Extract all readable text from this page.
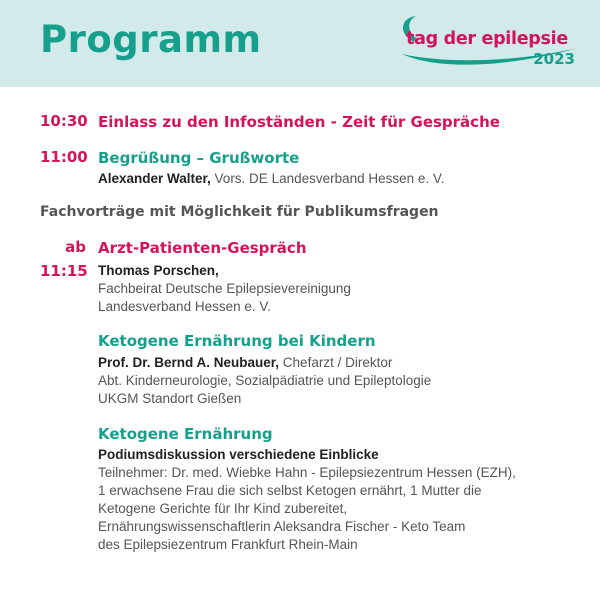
Programm	tag der epilepsie
2023
10:30 Einlass zu den Infoständen - Zeit für Gespräche
11:00 Begrüßung – Grußworte
Alexander Walter, Vors. DE Landesverband Hessen e. V.
Fachvorträge mit Möglichkeit für Publikumsfragen
ab
11:15
Arzt-Patienten-Gespräch
Thomas Porschen,
Fachbeirat Deutsche Epilepsievereinigung
Landesverband Hessen e. V.
Ketogene Ernährung bei Kindern
Prof. Dr. Bernd A. Neubauer, Chefarzt / Direktor
Abt. Kinderneurologie, Sozialpädiatrie und Epileptologie
UKGM Standort Gießen
Ketogene Ernährung
Podiumsdiskussion verschiedene Einblicke
Teilnehmer: Dr. med. Wiebke Hahn - Epilepsiezentrum Hessen (EZH),
1 erwachsene Frau die sich selbst Ketogen ernährt, 1 Mutter die
Ketogene Gerichte für Ihr Kind zubereitet,
Ernährungswissenschaftlerin Aleksandra Fischer - Keto Team
des Epilepsiezentrum Frankfurt Rhein-Main
